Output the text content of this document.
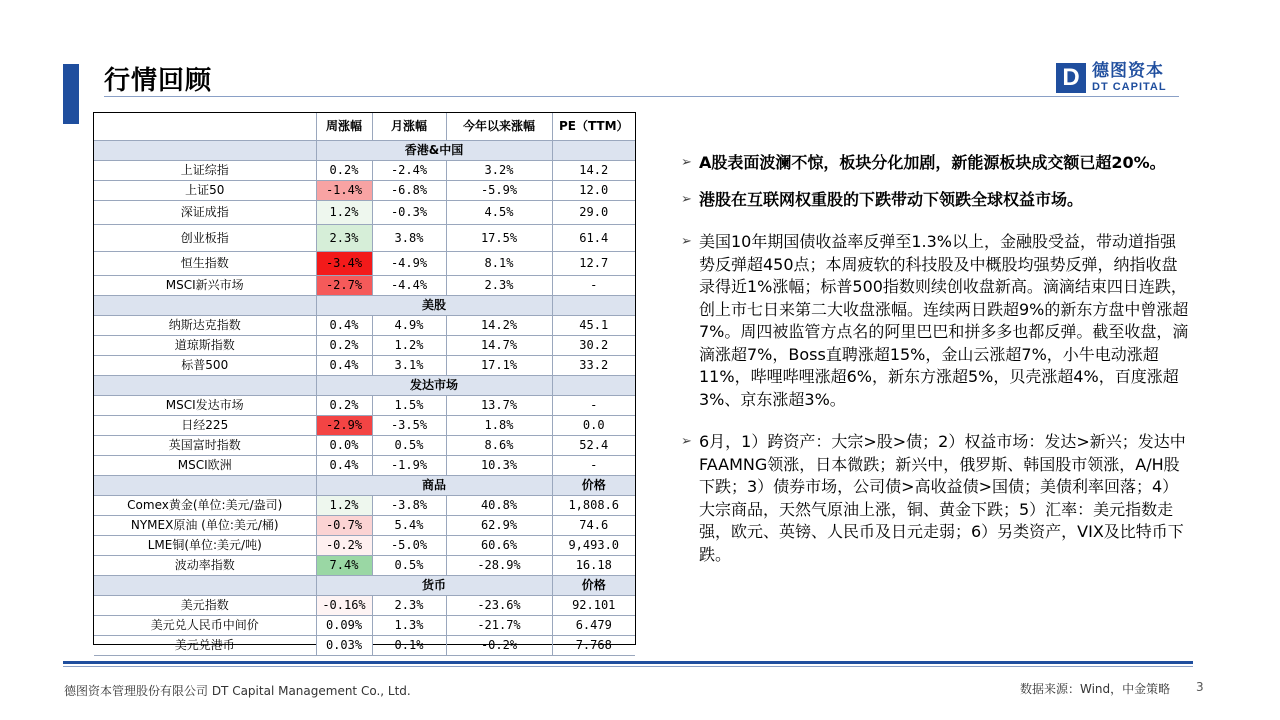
行情回顾	D 德图资本
DT CAPITAL
	周涨幅	月涨幅	今年以来涨幅	PE（TTM）
	香港&中国			
上证综指	0.2%	-2.4%	3.2%	14.2
上证50	-1.4%	-6.8%	-5.9%	12.0
深证成指	1.2%	-0.3%	4.5%	29.0
创业板指	2.3%	3.8%	17.5%	61.4
恒生指数	-3.4%	-4.9%	8.1%	12.7
MSCI新兴市场	-2.7%	-4.4%	2.3%	-
	美股			
纳斯达克指数	0.4%	4.9%	14.2%	45.1
道琼斯指数	0.2%	1.2%	14.7%	30.2
标普500	0.4%	3.1%	17.1%	33.2
	发达市场			
MSCI发达市场	0.2%	1.5%	13.7%	-
日经225	-2.9%	-3.5%	1.8%	0.0
英国富时指数	0.0%	0.5%	8.6%	52.4
MSCI欧洲	0.4%	-1.9%	10.3%	-
	商品			价格
Comex黄金(单位:美元/盎司)	1.2%	-3.8%	40.8%	1,808.6
NYMEX原油 (单位:美元/桶)	-0.7%	5.4%	62.9%	74.6
LME铜(单位:美元/吨)	-0.2%	-5.0%	60.6%	9,493.0
波动率指数	7.4%	0.5%	-28.9%	16.18
	货币			价格
美元指数	-0.16%	2.3%	-23.6%	92.101
美元兑人民币中间价	0.09%	1.3%	-21.7%	6.479
美元兑港币	0.03%	0.1%	-0.2%	7.768
➢ A股表面波澜不惊，板块分化加剧，新能源板块成交额已超20%。
➢ 港股在互联网权重股的下跌带动下领跌全球权益市场。
➢ 美国10年期国债收益率反弹至1.3%以上，金融股受益，带动道指强势反弹超450点；本周疲软的科技股及中概股均强势反弹，纳指收盘录得近1%涨幅；标普500指数则续创收盘新高。滴滴结束四日连跌，创上市七日来第二大收盘涨幅。连续两日跌超9%的新东方盘中曾涨超7%。周四被监管方点名的阿里巴巴和拼多多也都反弹。截至收盘，滴滴涨超7%，Boss直聘涨超15%，金山云涨超7%，小牛电动涨超11%，哔哩哔哩涨超6%，新东方涨超5%，贝壳涨超4%，百度涨超3%、京东涨超3%。
➢ 6月，1）跨资产：大宗>股>债；2）权益市场：发达>新兴；发达中FAAMNG领涨，日本微跌；新兴中，俄罗斯、韩国股市领涨，A/H股下跌；3）债券市场，公司债>高收益债>国债；美债利率回落；4）大宗商品，天然气原油上涨，铜、黄金下跌；5）汇率：美元指数走强，欧元、英镑、人民币及日元走弱；6）另类资产，VIX及比特币下跌。
德图资本管理股份有限公司 DT Capital Management Co., Ltd.	数据来源：Wind，中金策略 3
